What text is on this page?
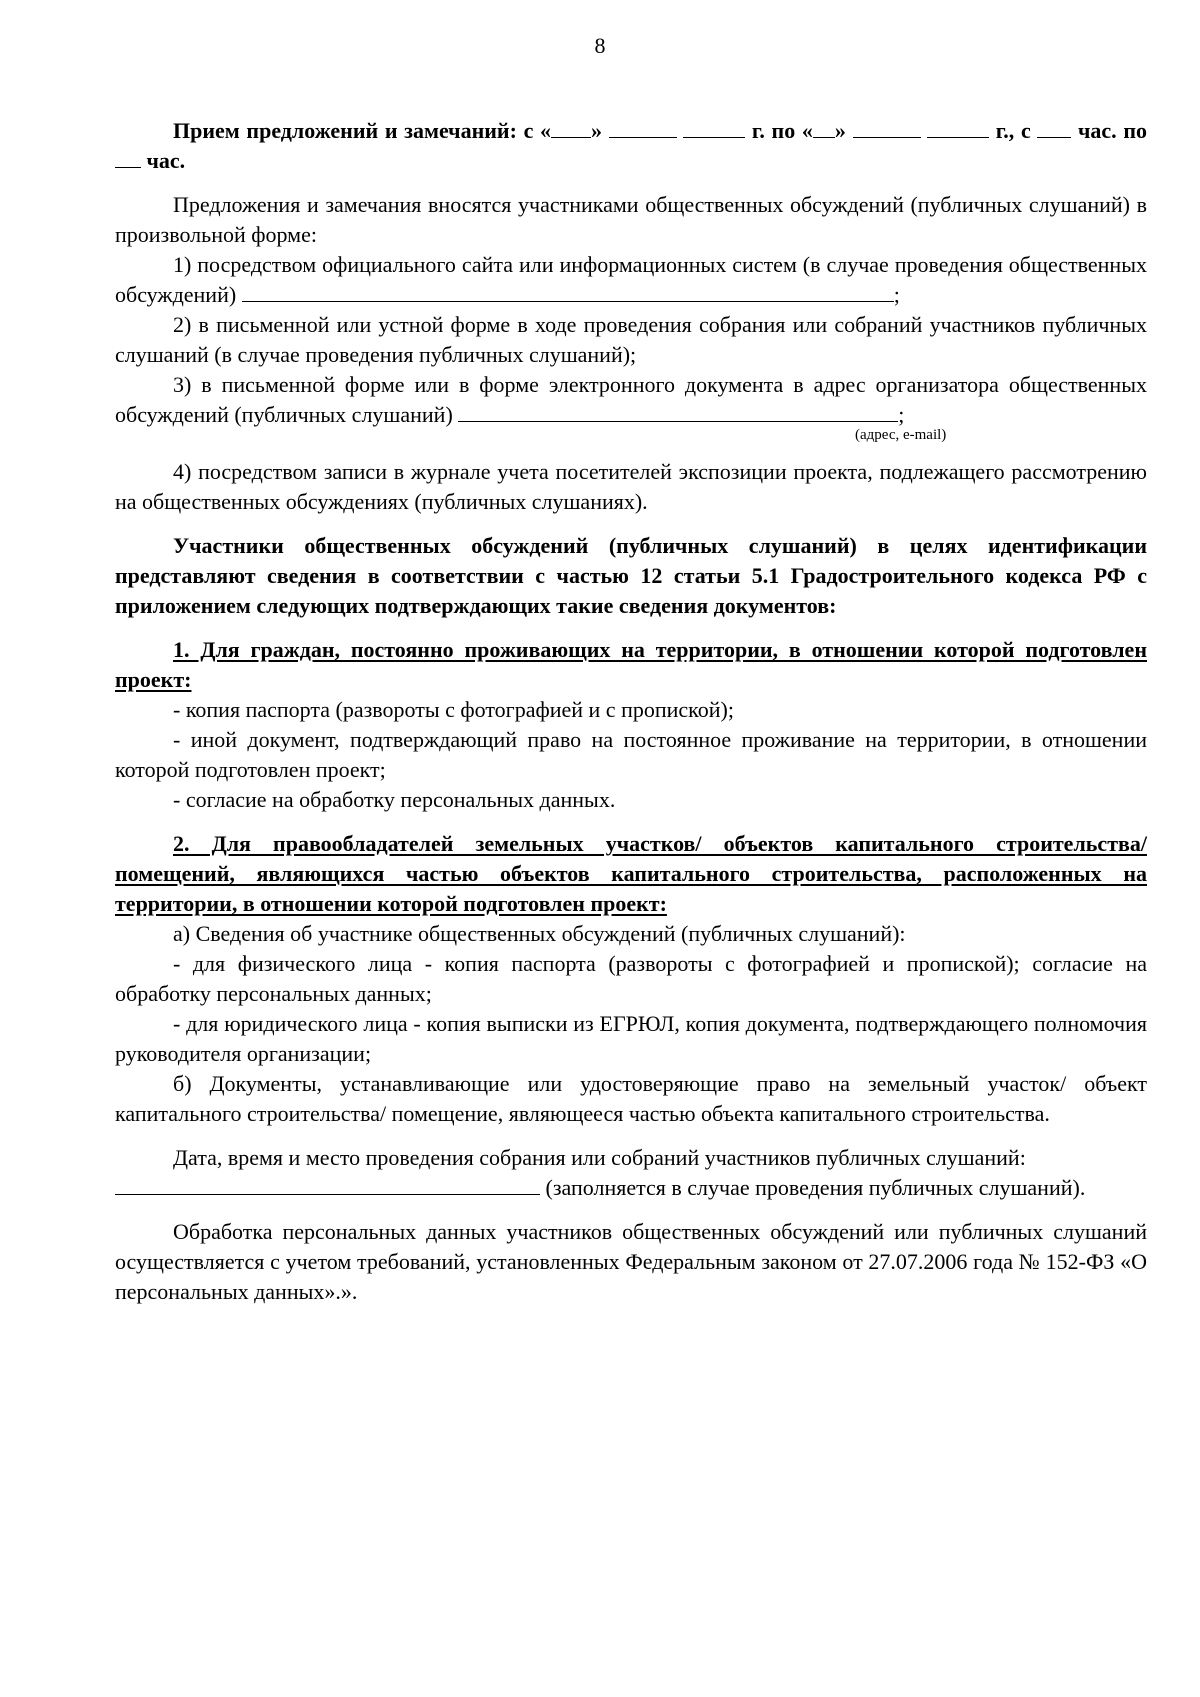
8

Прием предложений и замечаний: с « »	г. по « »	г., с час. по  час.

Предложения и замечания вносятся участниками общественных обсуждений (публичных слушаний) в произвольной форме:

1) посредством официального сайта или информационных систем (в случае проведения общественных обсуждений)	;

2) в письменной или устной форме в ходе проведения собрания или собраний участников публичных слушаний (в случае проведения публичных слушаний);

3) в письменной форме или в форме электронного документа в адрес организатора общественных обсуждений (публичных слушаний)	;

(адрес, e-mail)

4) посредством записи в журнале учета посетителей экспозиции проекта, подлежащего рассмотрению на общественных обсуждениях (публичных слушаниях).

Участники общественных обсуждений (публичных слушаний) в целях идентификации представляют сведения в соответствии с частью 12 статьи 5.1 Градостроительного кодекса РФ с приложением следующих подтверждающих такие сведения документов:

1. Для граждан, постоянно проживающих на территории, в отношении которой подготовлен проект:

- копия паспорта (развороты с фотографией и с пропиской);

- иной документ, подтверждающий право на постоянное проживание на территории, в отношении которой подготовлен проект;

- согласие на обработку персональных данных.

2. Для правообладателей земельных участков/ объектов капитального строительства/ помещений, являющихся частью объектов капитального строительства, расположенных на территории, в отношении которой подготовлен проект:

а) Сведения об участнике общественных обсуждений (публичных слушаний):

- для физического лица - копия паспорта (развороты с фотографией и пропиской); согласие на обработку персональных данных;

- для юридического лица - копия выписки из ЕГРЮЛ, копия документа, подтверждающего полномочия руководителя организации;

б) Документы, устанавливающие или удостоверяющие право на земельный участок/ объект капитального строительства/ помещение, являющееся частью объекта капитального строительства.

Дата, время и место проведения собрания или собраний участников публичных слушаний:

(заполняется в случае проведения публичных слушаний).

Обработка персональных данных участников общественных обсуждений или публичных слушаний осуществляется с учетом требований, установленных Федеральным законом от 27.07.2006 года № 152-ФЗ «О персональных данных».».
